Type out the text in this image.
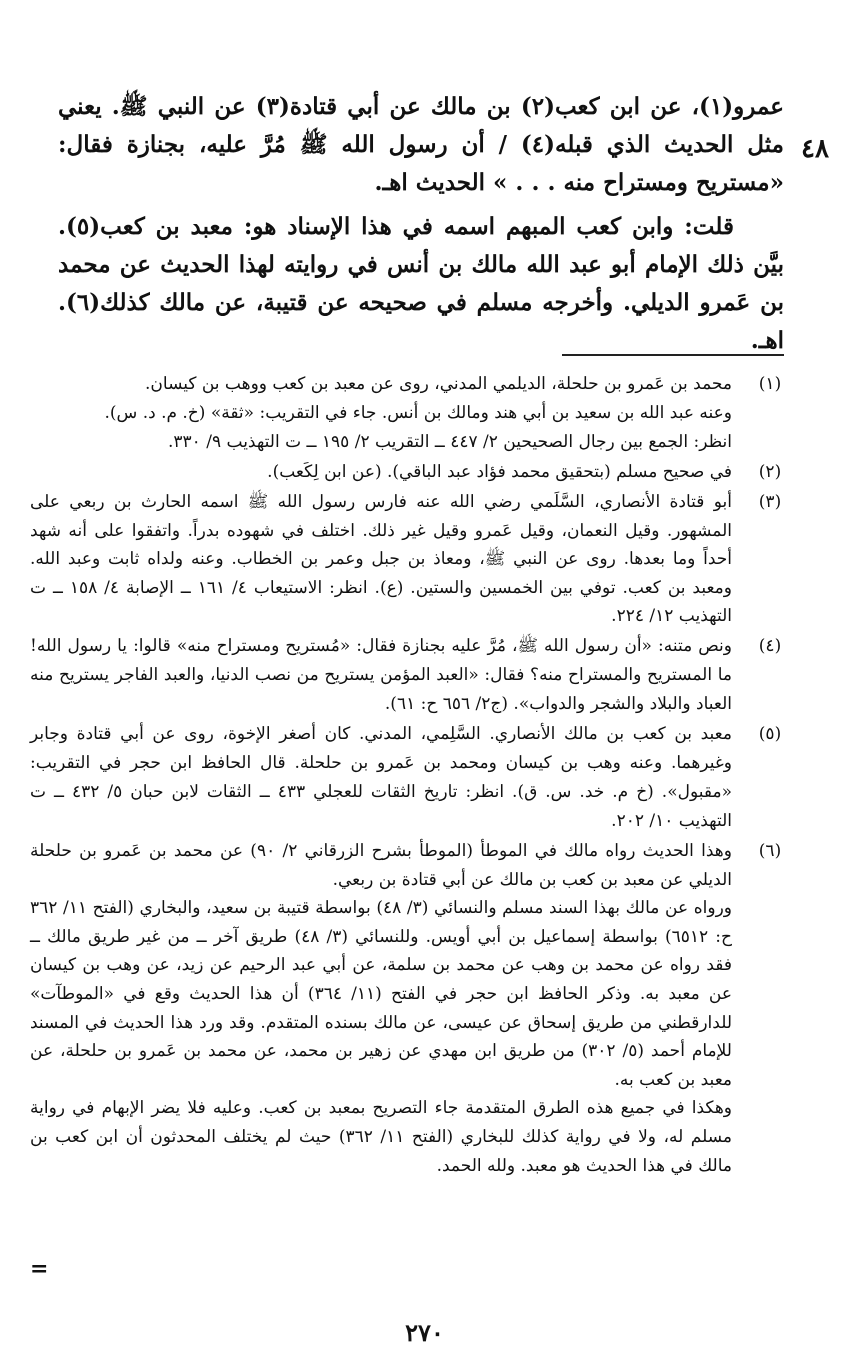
٤٨

عمرو(١)، عن ابن كعب(٢) بن مالك عن أبي قتادة(٣) عن النبي ﷺ. يعني مثل الحديث الذي قبله(٤) / أن رسول الله ﷺ مُرَّ عليه، بجنازة فقال: «مستريح ومستراح منه . . . » الحديث اهـ.

قلت: وابن كعب المبهم اسمه في هذا الإسناد هو: معبد بن كعب(٥). بيَّن ذلك الإمام أبو عبد الله مالك بن أنس في روايته لهذا الحديث عن محمد بن عَمرو الديلي. وأخرجه مسلم في صحيحه عن قتيبة، عن مالك كذلك(٦). اهـ.

(١)

محمد بن عَمرو بن حلحلة، الديلمي المدني، روى عن معبد بن كعب ووهب بن كيسان.

وعنه عبد الله بن سعيد بن أبي هند ومالك بن أنس. جاء في التقريب: «ثقة» (خ. م. د. س).

انظر: الجمع بين رجال الصحيحين ٢/ ٤٤٧ ــ التقريب ٢/ ١٩٥ ــ ت التهذيب ٩/ ٣٣٠.

(٢)

في صحيح مسلم (بتحقيق محمد فؤاد عبد الباقي). (عن ابن لِكَعب).

(٣)

أبو قتادة الأنصاري، السَّلَمي رضي الله عنه فارس رسول الله ﷺ اسمه الحارث بن ربعي على المشهور. وقيل النعمان، وقيل عَمرو وقيل غير ذلك. اختلف في شهوده بدراً. واتفقوا على أنه شهد أحداً وما بعدها. روى عن النبي ﷺ، ومعاذ بن جبل وعمر بن الخطاب. وعنه ولداه ثابت وعبد الله. ومعبد بن كعب. توفي بين الخمسين والستين. (ع). انظر: الاستيعاب ٤/ ١٦١ ــ الإصابة ٤/ ١٥٨ ــ ت التهذيب ١٢/ ٢٢٤.

(٤)

ونص متنه: «أن رسول الله ﷺ، مُرَّ عليه بجنازة فقال: «مُستريح ومستراح منه» قالوا: يا رسول الله! ما المستريح والمستراح منه؟ فقال: «العبد المؤمن يستريح من نصب الدنيا، والعبد الفاجر يستريح منه العباد والبلاد والشجر والدواب». (ج٢/ ٦٥٦ ح: ٦١).

(٥)

معبد بن كعب بن مالك الأنصاري. السَّلِمي، المدني. كان أصغر الإخوة، روى عن أبي قتادة وجابر وغيرهما. وعنه وهب بن كيسان ومحمد بن عَمرو بن حلحلة. قال الحافظ ابن حجر في التقريب: «مقبول». (خ م. خد. س. ق). انظر: تاريخ الثقات للعجلي ٤٣٣ ــ الثقات لابن حبان ٥/ ٤٣٢ ــ ت التهذيب ١٠/ ٢٠٢.

(٦)

وهذا الحديث رواه مالك في الموطأ (الموطأ بشرح الزرقاني ٢/ ٩٠) عن محمد بن عَمرو بن حلحلة الديلي عن معبد بن كعب بن مالك عن أبي قتادة بن ربعي.

ورواه عن مالك بهذا السند مسلم والنسائي (٣/ ٤٨) بواسطة قتيبة بن سعيد، والبخاري (الفتح ١١/ ٣٦٢ ح: ٦٥١٢) بواسطة إسماعيل بن أبي أويس. وللنسائي (٣/ ٤٨) طريق آخر ــ من غير طريق مالك ــ فقد رواه عن محمد بن وهب عن محمد بن سلمة، عن أبي عبد الرحيم عن زيد، عن وهب بن كيسان عن معبد به. وذكر الحافظ ابن حجر في الفتح (١١/ ٣٦٤) أن هذا الحديث وقع في «الموطآت» للدارقطني من طريق إسحاق عن عيسى، عن مالك بسنده المتقدم. وقد ورد هذا الحديث في المسند للإمام أحمد (٥/ ٣٠٢) من طريق ابن مهدي عن زهير بن محمد، عن محمد بن عَمرو بن حلحلة، عن معبد بن كعب به.

وهكذا في جميع هذه الطرق المتقدمة جاء التصريح بمعبد بن كعب. وعليه فلا يضر الإبهام في رواية مسلم له، ولا في رواية كذلك للبخاري (الفتح ١١/ ٣٦٢) حيث لم يختلف المحدثون أن ابن كعب بن مالك في هذا الحديث هو معبد. ولله الحمد.

=
٢٧٠
